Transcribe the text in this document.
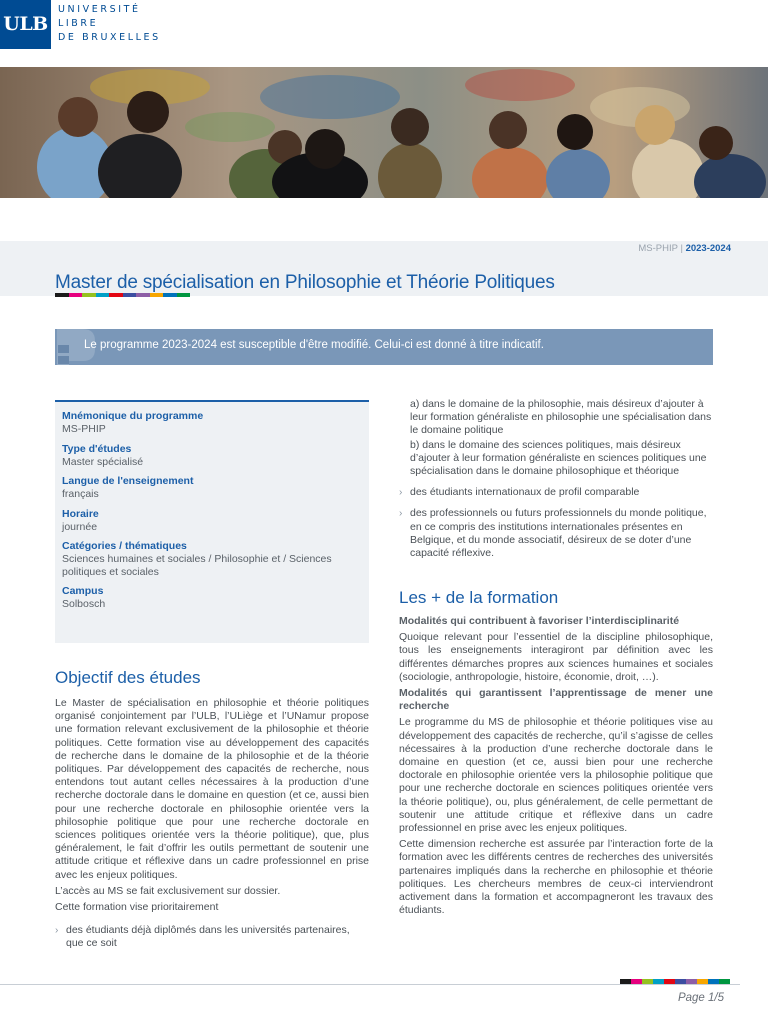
ULB
UNIVERSITÉ
LIBRE
DE BRUXELLES
MS-PHIP | 2023-2024
Master de spécialisation en Philosophie et Théorie Politiques
Le programme 2023-2024 est susceptible d'être modifié. Celui-ci est donné à titre indicatif.
Mnémonique du programme
MS-PHIP
Type d'études
Master spécialisé
Langue de l'enseignement
français
Horaire
journée
Catégories / thématiques
Sciences humaines et sociales / Philosophie et / Sciences politiques et sociales
Campus
Solbosch
Objectif des études

Le Master de spécialisation en philosophie et théorie politiques organisé conjointement par l’ULB, l’ULiège et l’UNamur propose une formation relevant exclusivement de la philosophie et théorie politiques. Cette formation vise au développement des capacités de recherche dans le domaine de la philosophie et de la théorie politiques. Par développement des capacités de recherche, nous entendons tout autant celles nécessaires à la production d’une recherche doctorale dans le domaine en question (et ce, aussi bien pour une recherche doctorale en philosophie orientée vers la philosophie politique que pour une recherche doctorale en sciences politiques orientée vers la théorie politique), que, plus généralement, le fait d’offrir les outils permettant de soutenir une attitude critique et réflexive dans un cadre professionnel en prise avec les enjeux politiques.

L’accès au MS se fait exclusivement sur dossier.

Cette formation vise prioritairement

› des étudiants déjà diplômés dans les universités partenaires, que ce soit

a) dans le domaine de la philosophie, mais désireux d’ajouter à leur formation généraliste en philosophie une spécialisation dans le domaine politique

b) dans le domaine des sciences politiques, mais désireux d’ajouter à leur formation généraliste en sciences politiques une spécialisation dans le domaine philosophique et théorique

› des étudiants internationaux de profil comparable
› des professionnels ou futurs professionnels du monde politique, en ce compris des institutions internationales présentes en Belgique, et du monde associatif, désireux de se doter d’une capacité réflexive.
Les + de la formation

Modalités qui contribuent à favoriser l’interdisciplinarité

Quoique relevant pour l’essentiel de la discipline philosophique, tous les enseignements interagiront par définition avec les différentes démarches propres aux sciences humaines et sociales (sociologie, anthropologie, histoire, économie, droit, …).

Modalités qui garantissent l’apprentissage de mener une recherche

Le programme du MS de philosophie et théorie politiques vise au développement des capacités de recherche, qu’il s’agisse de celles nécessaires à la production d’une recherche doctorale dans le domaine en question (et ce, aussi bien pour une recherche doctorale en philosophie orientée vers la philosophie politique que pour une recherche doctorale en sciences politiques orientée vers la théorie politique), ou, plus généralement, de celle permettant de soutenir une attitude critique et réflexive dans un cadre professionnel en prise avec les enjeux politiques.

Cette dimension recherche est assurée par l’interaction forte de la formation avec les différents centres de recherches des universités partenaires impliqués dans la recherche en philosophie et théorie politiques. Les chercheurs membres de ceux-ci interviendront activement dans la formation et accompagneront les travaux des étudiants.

Page 1/5
